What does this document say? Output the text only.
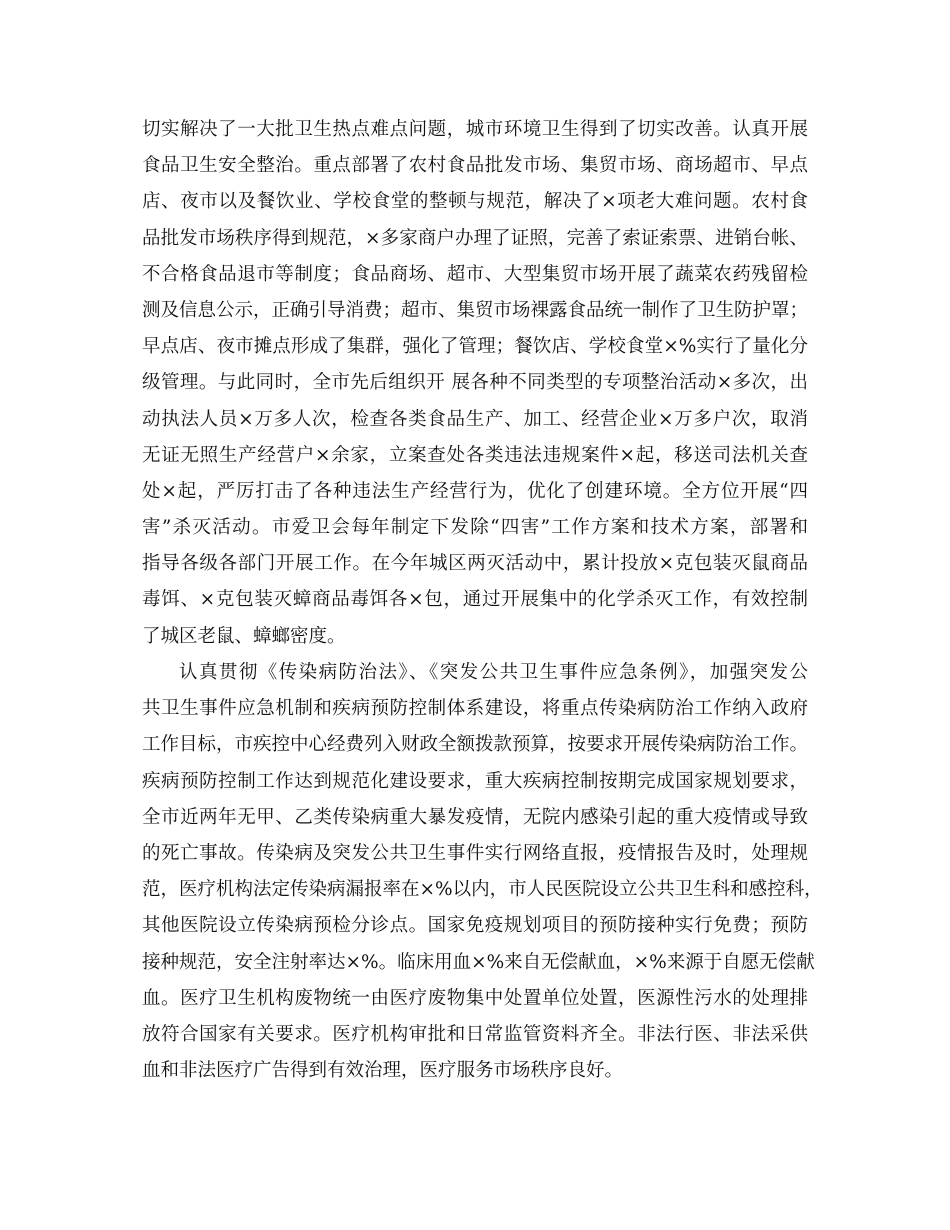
切实解决了一大批卫生热点难点问题，城市环境卫生得到了切实改善。认真开展
食品卫生安全整治。重点部署了农村食品批发市场、集贸市场、商场超市、早点
店、夜市以及餐饮业、学校食堂的整顿与规范，解决了×项老大难问题。农村食
品批发市场秩序得到规范，×多家商户办理了证照，完善了索证索票、进销台帐、
不合格食品退市等制度；食品商场、超市、大型集贸市场开展了蔬菜农药残留检
测及信息公示，正确引导消费；超市、集贸市场裸露食品统一制作了卫生防护罩；
早点店、夜市摊点形成了集群，强化了管理；餐饮店、学校食堂×%实行了量化分
级管理。与此同时，全市先后组织开 展各种不同类型的专项整治活动×多次，出
动执法人员×万多人次，检查各类食品生产、加工、经营企业×万多户次，取消
无证无照生产经营户×余家，立案查处各类违法违规案件×起，移送司法机关查
处×起，严厉打击了各种违法生产经营行为，优化了创建环境。全方位开展“四
害”杀灭活动。市爱卫会每年制定下发除“四害”工作方案和技术方案，部署和
指导各级各部门开展工作。在今年城区两灭活动中，累计投放×克包装灭鼠商品
毒饵、×克包装灭蟑商品毒饵各×包，通过开展集中的化学杀灭工作，有效控制
了城区老鼠、蟑螂密度。
认真贯彻《传染病防治法》、《突发公共卫生事件应急条例》，加强突发公
共卫生事件应急机制和疾病预防控制体系建设，将重点传染病防治工作纳入政府
工作目标，市疾控中心经费列入财政全额拨款预算，按要求开展传染病防治工作。
疾病预防控制工作达到规范化建设要求，重大疾病控制按期完成国家规划要求，
全市近两年无甲、乙类传染病重大暴发疫情，无院内感染引起的重大疫情或导致
的死亡事故。传染病及突发公共卫生事件实行网络直报，疫情报告及时，处理规
范，医疗机构法定传染病漏报率在×%以内，市人民医院设立公共卫生科和感控科，
其他医院设立传染病预检分诊点。国家免疫规划项目的预防接种实行免费；预防
接种规范，安全注射率达×%。临床用血×%来自无偿献血，×%来源于自愿无偿献
血。医疗卫生机构废物统一由医疗废物集中处置单位处置，医源性污水的处理排
放符合国家有关要求。医疗机构审批和日常监管资料齐全。非法行医、非法采供
血和非法医疗广告得到有效治理，医疗服务市场秩序良好。
